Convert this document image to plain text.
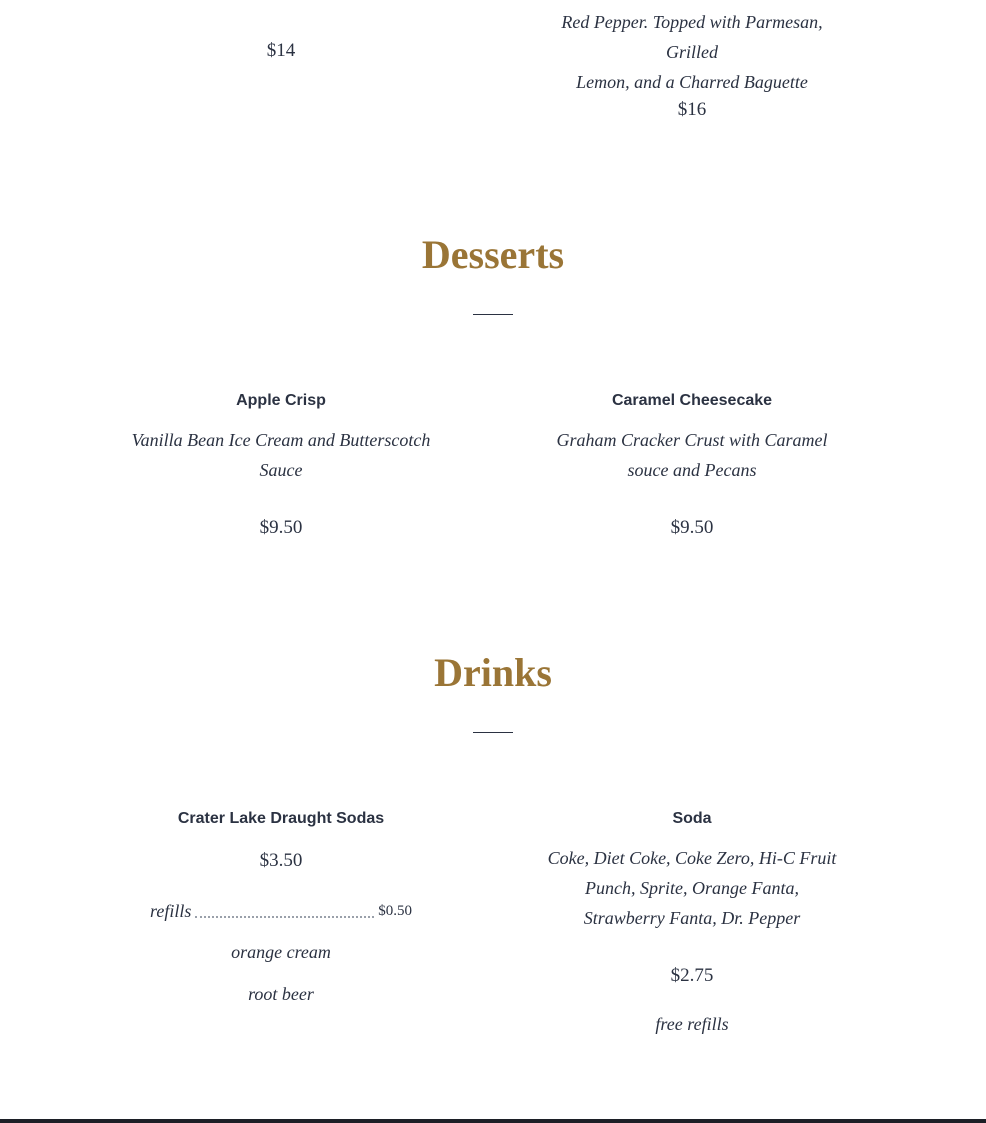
$14

Red Pepper. Topped with Parmesan, Grilled

Lemon, and a Charred Baguette

$16

Desserts

Apple Crisp

Vanilla Bean Ice Cream and Butterscotch Sauce

$9.50

Caramel Cheesecake

Graham Cracker Crust with Caramel souce and Pecans

$9.50

Drinks

Crater Lake Draught Sodas

$3.50

refills	$0.50

orange cream

root beer

Soda

Coke, Diet Coke, Coke Zero, Hi-C Fruit Punch, Sprite, Orange Fanta, Strawberry Fanta, Dr. Pepper

$2.75

free refills
